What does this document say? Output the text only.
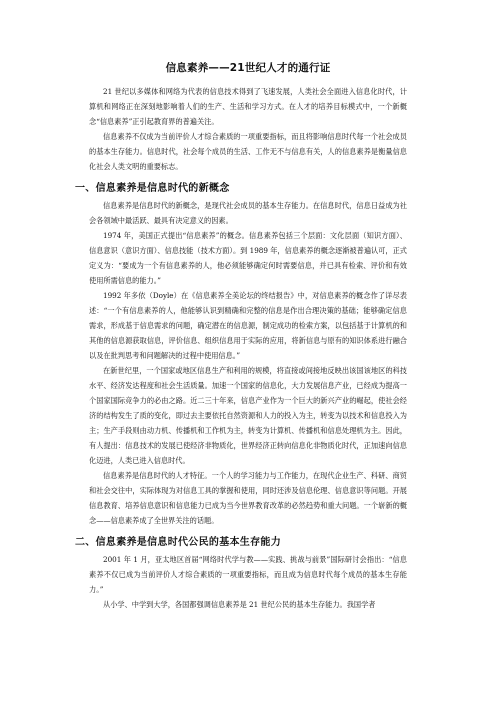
信息素养——21世纪人才的通行证

21 世纪以多媒体和网络为代表的信息技术得到了飞速发展，人类社会全面进入信息化时代，计算机和网络正在深刻地影响着人们的生产、生活和学习方式。在人才的培养目标模式中，一个新概念“信息素养”正引起教育界的普遍关注。

信息素养不仅成为当前评价人才综合素质的一项重要指标，而且将影响信息时代每一个社会成员的基本生存能力。信息时代，社会每个成员的生活、工作无不与信息有关，人的信息素养是衡量信息化社会人类文明的重要标志。

一、信息素养是信息时代的新概念

信息素养是信息时代的新概念，是现代社会成员的基本生存能力。在信息时代，信息日益成为社会各领域中最活跃、最具有决定意义的因素。

1974 年，美国正式提出“信息素养”的概念。信息素养包括三个层面：文化层面（知识方面）、信息意识（意识方面）、信息技能（技术方面）。到 1989 年，信息素养的概念逐渐被普遍认可，正式定义为：“要成为一个有信息素养的人，他必须能够确定何时需要信息，并已具有检索、评价和有效使用所需信息的能力。”

1992 年多依（Doyle）在《信息素养全美论坛的终结报告》中，对信息素养的概念作了详尽表述：“一个有信息素养的人，他能够认识到精确和完整的信息是作出合理决策的基础；能够确定信息需求，形成基于信息需求的问题，确定潜在的信息源，制定成功的检索方案，以包括基于计算机的和其他的信息源获取信息，评价信息、组织信息用于实际的应用，将新信息与原有的知识体系进行融合以及在批判思考和问题解决的过程中使用信息。”

在新世纪里，一个国家或地区信息生产和利用的规模，将直接或间接地反映出该国该地区的科技水平、经济发达程度和社会生活质量。加速一个国家的信息化，大力发展信息产业，已经成为提高一个国家国际竞争力的必由之路。近二三十年来，信息产业作为一个巨大的新兴产业的崛起，使社会经济的结构发生了质的变化，即过去主要依托自然资源和人力的投入为主，转变为以技术和信息投入为主；生产手段则由动力机、传播机和工作机为主，转变为计算机、传播机和信息处理机为主。因此，有人提出：信息技术的发展已使经济非物质化，世界经济正转向信息化非物质化时代，正加速向信息化迈进，人类已进入信息时代。

信息素养是信息时代的人才特征。一个人的学习能力与工作能力，在现代企业生产、科研、商贸和社会交往中，实际体现为对信息工具的掌握和使用，同时还涉及信息伦理、信息意识等问题。开展信息教育、培养信息意识和信息能力已成为当今世界教育改革的必然趋势和重大问题。一个崭新的概念——信息素养成了全世界关注的话题。

二、信息素养是信息时代公民的基本生存能力

2001 年 1 月，亚太地区首届“网络时代学与教——实践、挑战与前景”国际研讨会指出：“信息素养不仅已成为当前评价人才综合素质的一项重要指标，而且成为信息时代每个成员的基本生存能力。”

从小学、中学到大学，各国都强调信息素养是 21 世纪公民的基本生存能力。我国学者
